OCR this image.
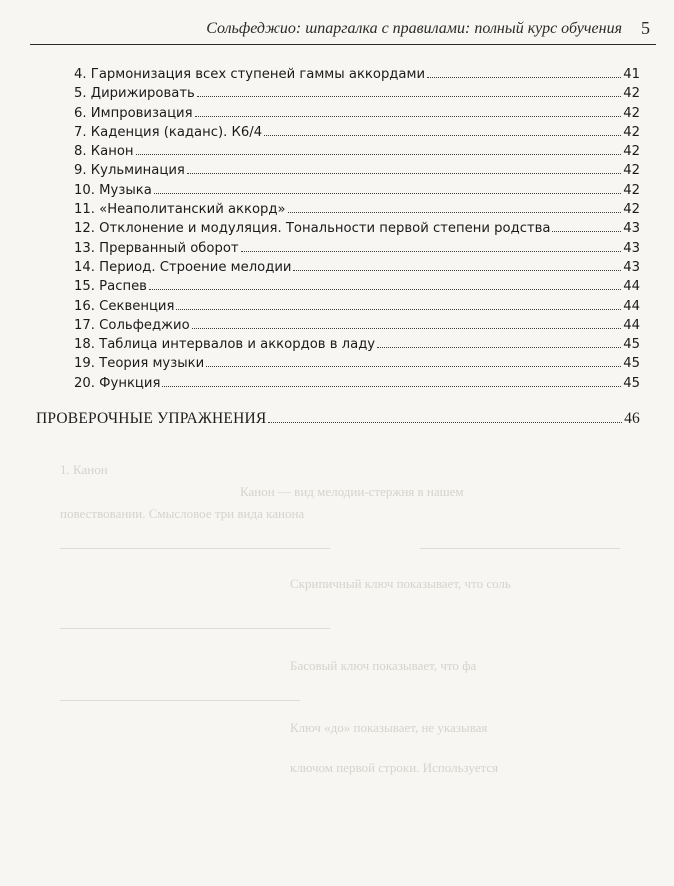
1. Канон
Канон — вид мелодии-стержня в нашем
повествовании. Смысловое три вида канона
Скрипичный ключ показывает, что соль
Басовый ключ показывает, что фа
Ключ «до» показывает, не указывая
ключом первой строки. Используется
Сольфеджио: шпаргалка с правилами: полный курс обучения 5
4. Гармонизация всех ступеней гаммы аккордами	41
5. Дирижировать	42
6. Импровизация	42
7. Каденция (каданс). К6/4	42
8. Канон	42
9. Кульминация	42
10. Музыка	42
11. «Неаполитанский аккорд»	42
12. Отклонение и модуляция. Тональности первой степени родства	43
13. Прерванный оборот	43
14. Период. Строение мелодии	43
15. Распев	44
16. Секвенция	44
17. Сольфеджио	44
18. Таблица интервалов и аккордов в ладу	45
19. Теория музыки	45
20. Функция	45
ПРОВЕРОЧНЫЕ УПРАЖНЕНИЯ	46
